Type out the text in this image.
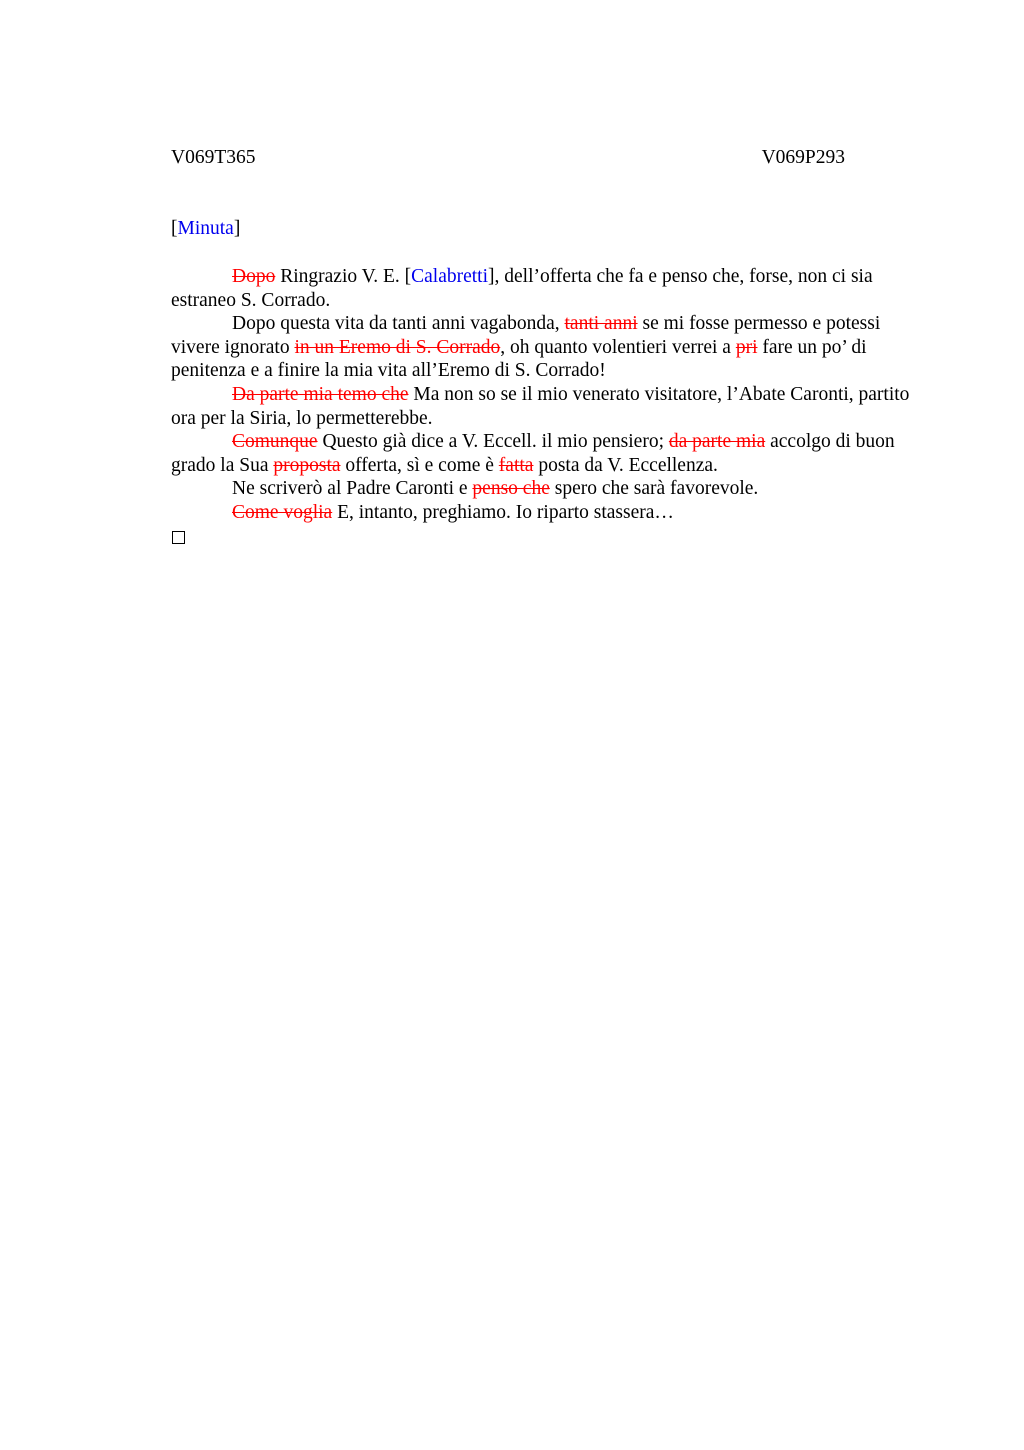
V069T365	V069P293
[Minuta]

Dopo Ringrazio V. E. [Calabretti], dell’offerta che fa e penso che, forse, non ci sia estraneo S. Corrado.

Dopo questa vita da tanti anni vagabonda, tanti anni se mi fosse permesso e potessi vivere ignorato in un Eremo di S. Corrado, oh quanto volentieri verrei a pri fare un po’ di penitenza e a finire la mia vita all’Eremo di S. Corrado!

Da parte mia temo che Ma non so se il mio venerato visitatore, l’Abate Caronti, partito ora per la Siria, lo permetterebbe.

Comunque Questo già dice a V. Eccell. il mio pensiero; da parte mia accolgo di buon grado la Sua proposta offerta, sì e come è fatta posta da V. Eccellenza.

Ne scriverò al Padre Caronti e penso che spero che sarà favorevole.

Come voglia E, intanto, preghiamo. Io riparto stassera…
